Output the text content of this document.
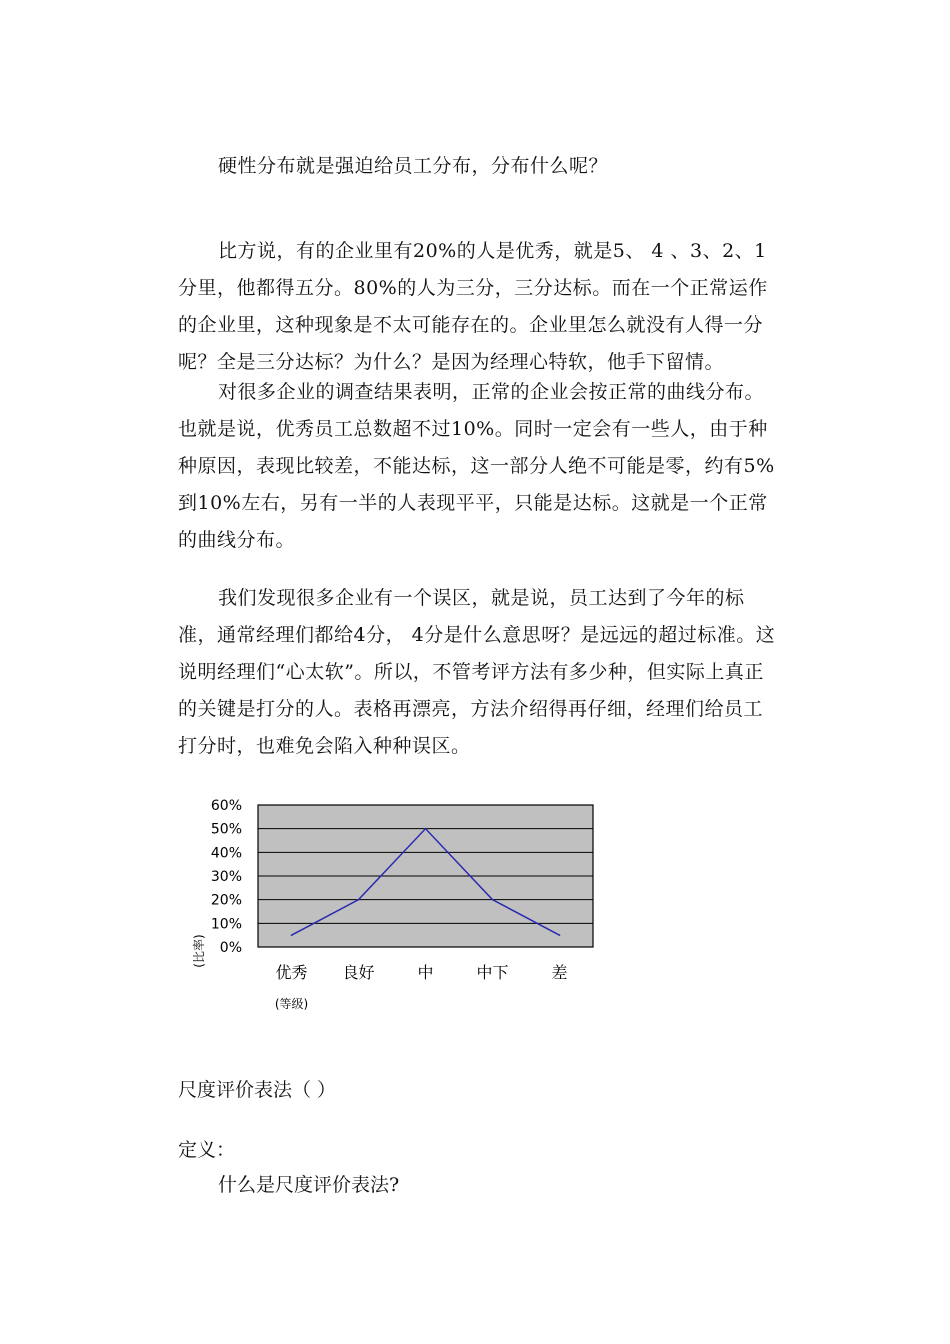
硬性分布就是强迫给员工分布，分布什么呢？

比方说，有的企业里有20%的人是优秀，就是5、 4 、3、2、1分里，他都得五分。80%的人为三分，三分达标。而在一个正常运作的企业里，这种现象是不太可能存在的。企业里怎么就没有人得一分呢？全是三分达标？为什么？是因为经理心特软，他手下留情。

对很多企业的调查结果表明，正常的企业会按正常的曲线分布。也就是说，优秀员工总数超不过10%。同时一定会有一些人，由于种种原因，表现比较差，不能达标，这一部分人绝不可能是零，约有5%到10%左右，另有一半的人表现平平，只能是达标。这就是一个正常的曲线分布。

我们发现很多企业有一个误区，就是说，员工达到了今年的标准，通常经理们都给4分， 4分是什么意思呀？是远远的超过标准。这说明经理们“心太软”。所以，不管考评方法有多少种，但实际上真正的关键是打分的人。表格再漂亮，方法介绍得再仔细，经理们给员工打分时，也难免会陷入种种误区。

0%
10%
20%
30%
40%
50%
60%
优秀 良好	中	中下	差
(比率)
(等级)

尺度评价表法（ ）

定义：

什么是尺度评价表法?
